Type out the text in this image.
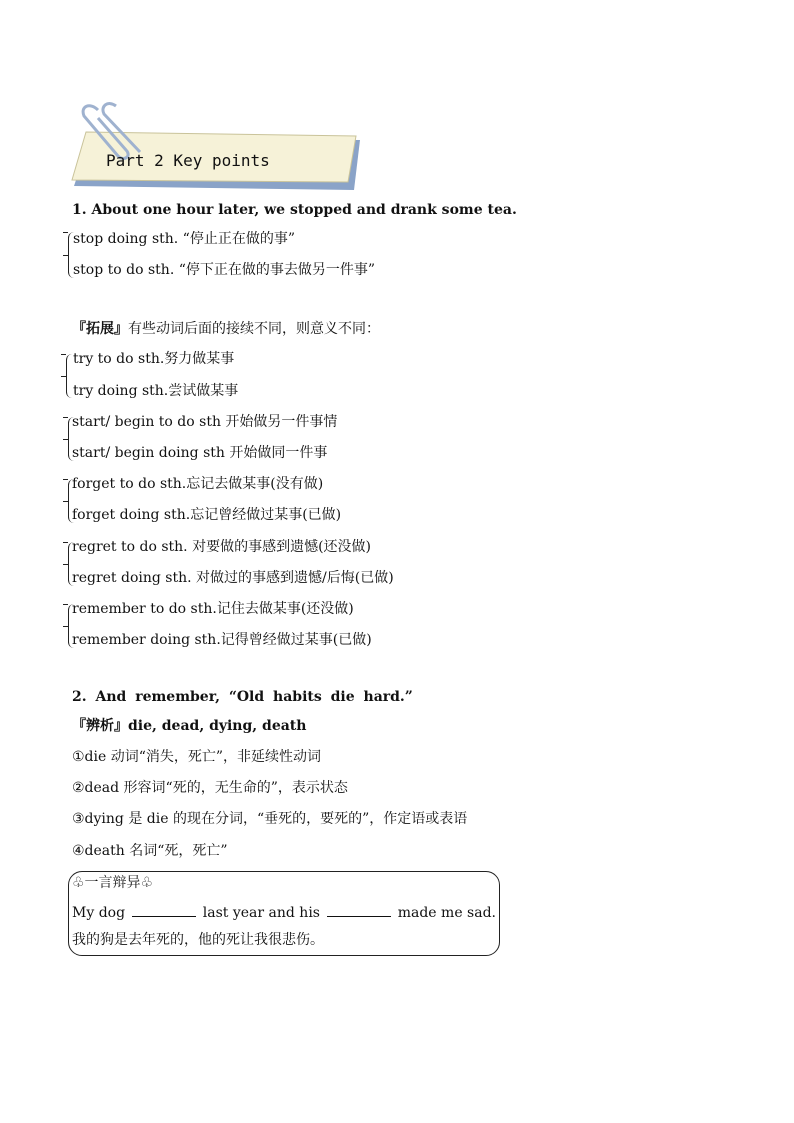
Part 2 Key points
1. About one hour later, we stopped and drank some tea.
stop doing sth. “停止正在做的事”
stop to do sth. “停下正在做的事去做另一件事”
『拓展』有些动词后面的接续不同，则意义不同：
try to do sth.努力做某事
try doing sth.尝试做某事
start/ begin to do sth 开始做另一件事情
start/ begin doing sth 开始做同一件事
forget to do sth.忘记去做某事(没有做)
forget doing sth.忘记曾经做过某事(已做)
regret to do sth. 对要做的事感到遗憾(还没做)
regret doing sth. 对做过的事感到遗憾/后悔(已做)
remember to do sth.记住去做某事(还没做)
remember doing sth.记得曾经做过某事(已做)
2. And remember, “Old habits die hard.”
『辨析』die, dead, dying, death
①die 动词“消失，死亡”，非延续性动词
②dead 形容词“死的，无生命的”，表示状态
③dying 是 die 的现在分词，“垂死的，要死的”，作定语或表语
④death 名词“死，死亡”
♧一言辩异♧
My dog	last year and his	made me sad.
我的狗是去年死的，他的死让我很悲伤。
